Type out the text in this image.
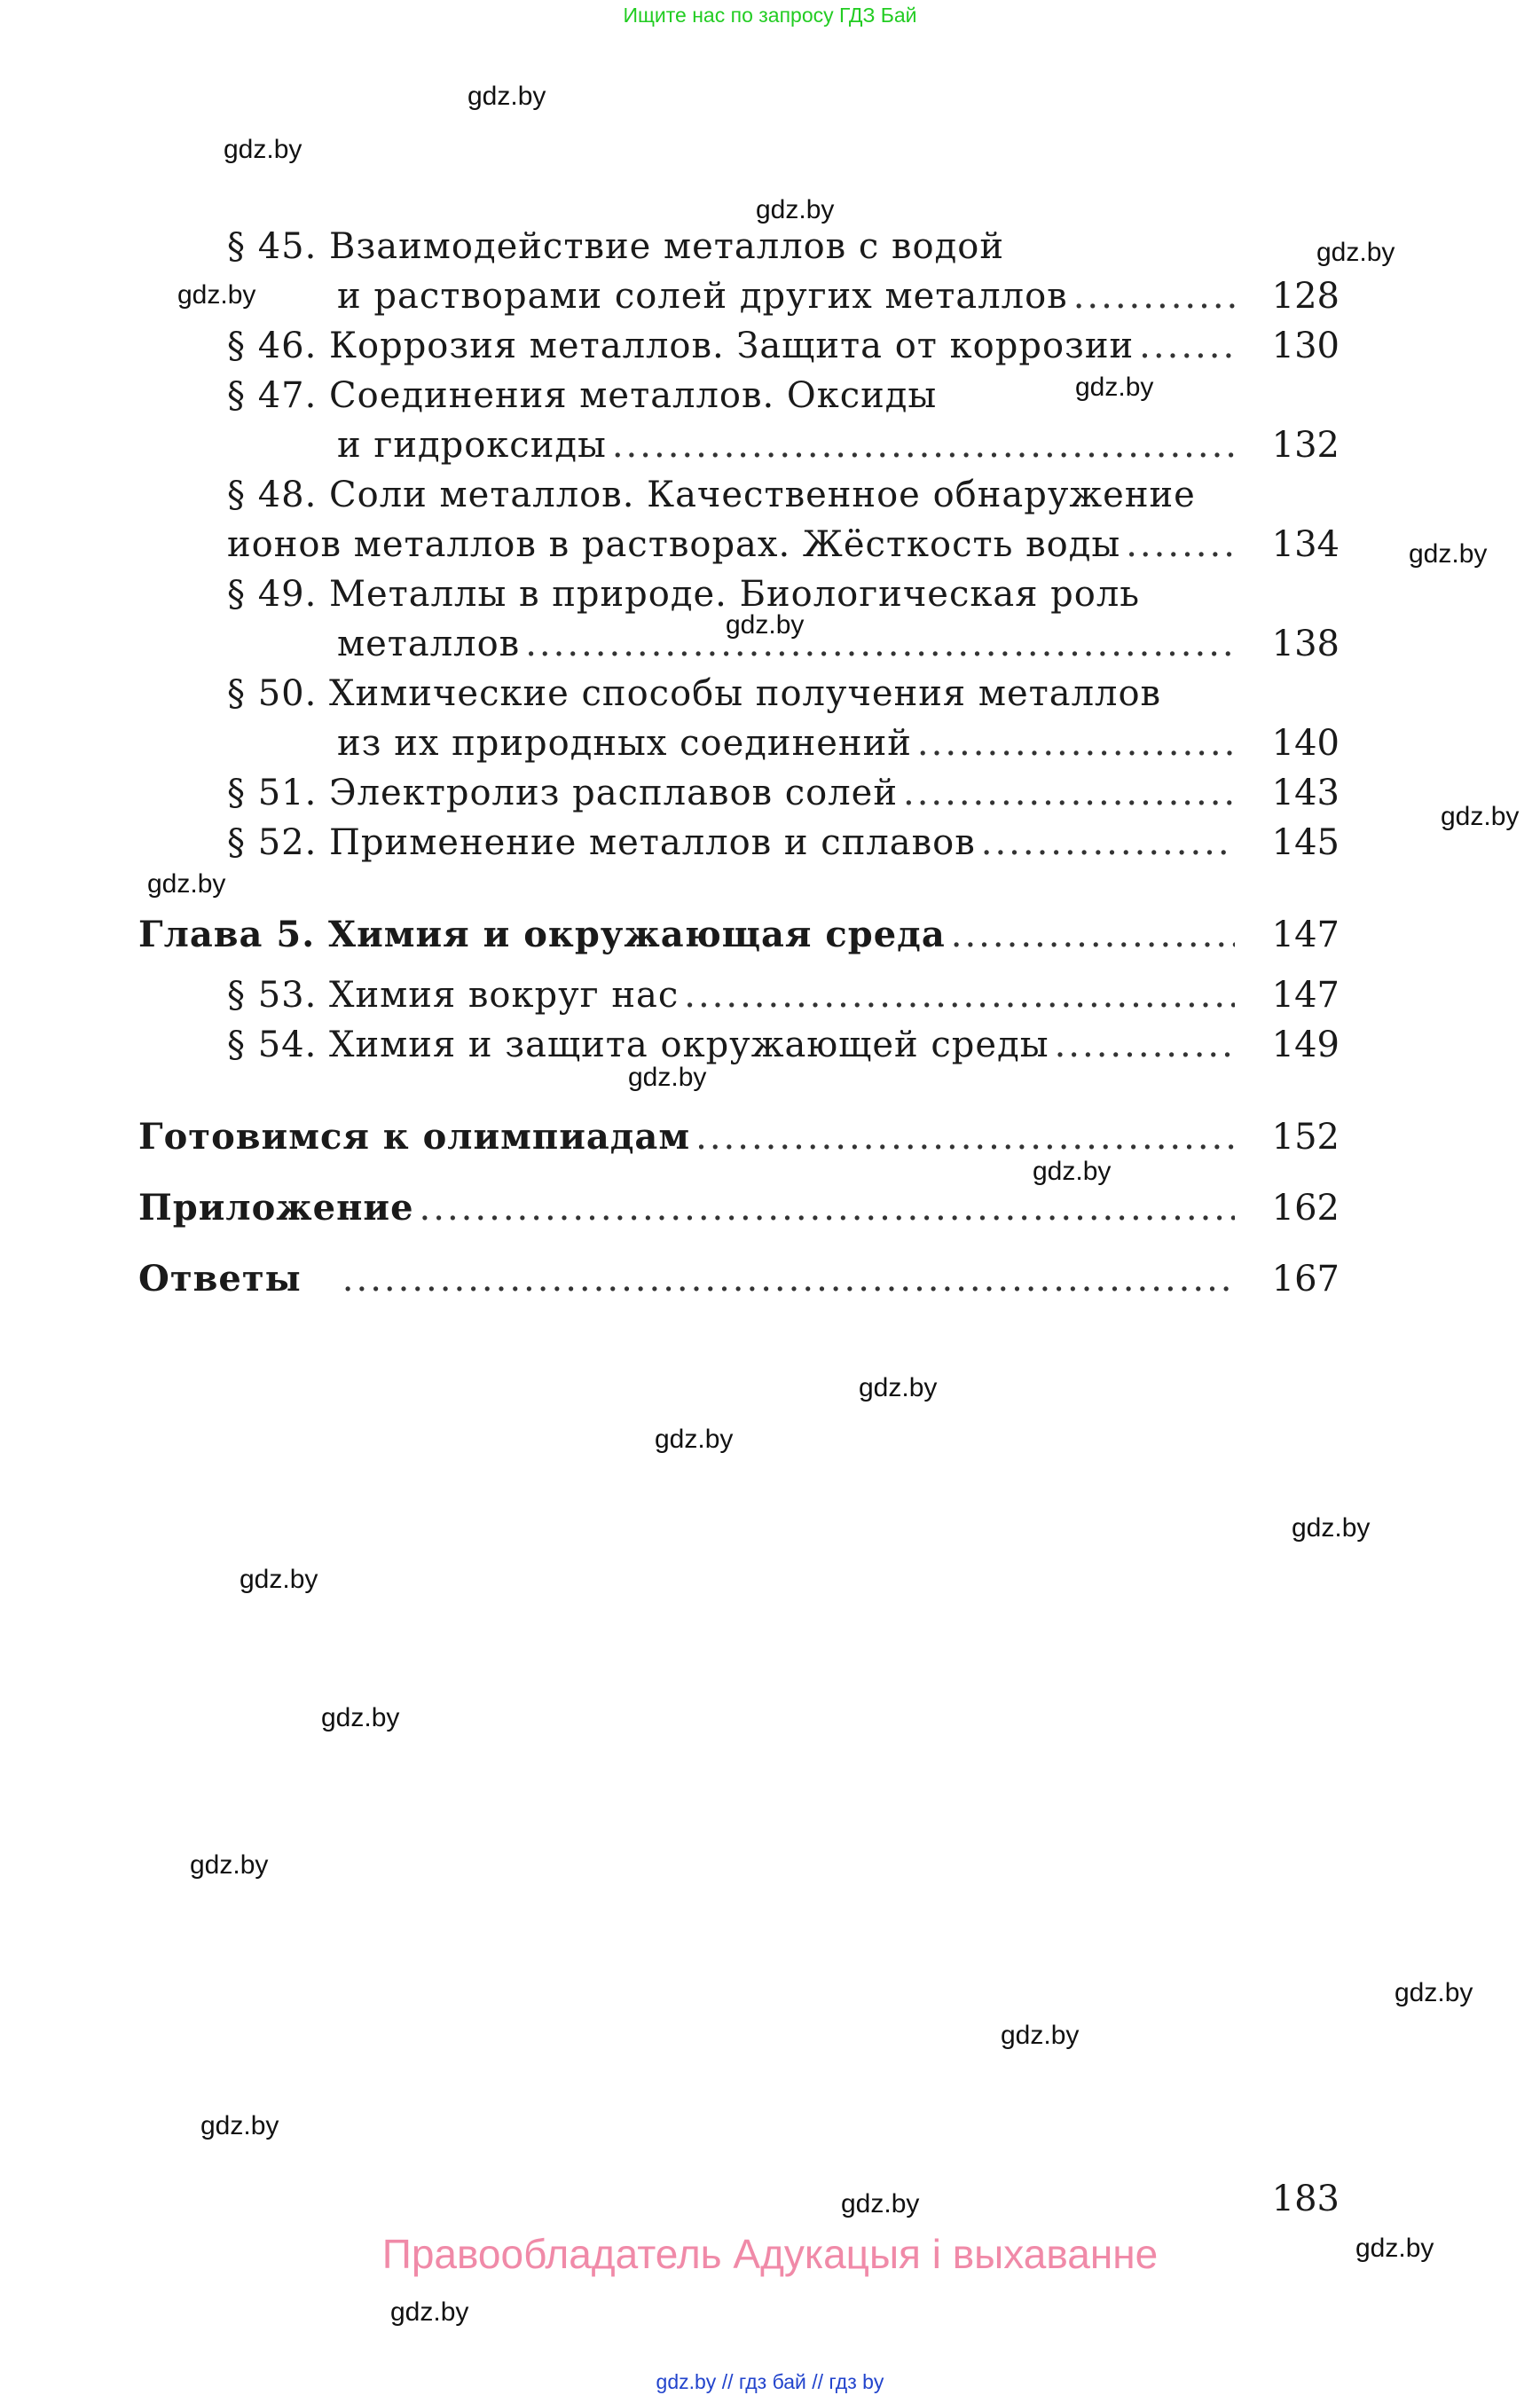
Ищите нас по запросу ГДЗ Бай
gdz.by
gdz.by
gdz.by
gdz.by
gdz.by
gdz.by
gdz.by
gdz.by
gdz.by
gdz.by
gdz.by
gdz.by
gdz.by
gdz.by
gdz.by
gdz.by
gdz.by
gdz.by
gdz.by
gdz.by
gdz.by
gdz.by
gdz.by
gdz.by
§ 45. Взаимодействие металлов с водой
и растворами солей других металлов .....	128
§ 46. Коррозия металлов. Защита от коррозии .....	130
§ 47. Соединения металлов. Оксиды
и гидроксиды .....	132
§ 48. Соли металлов. Качественное обнаружение
ионов металлов в растворах. Жёсткость воды .....	134
§ 49. Металлы в природе. Биологическая роль
металлов .....	138
§ 50. Химические способы получения металлов
из их природных соединений .....	140
§ 51. Электролиз расплавов солей .....	143
§ 52. Применение металлов и сплавов .....	145
Глава 5. Химия и окружающая среда .....	147
§ 53. Химия вокруг нас .....	147
§ 54. Химия и защита окружающей среды .....	149
Готовимся к олимпиадам .....	152
Приложение .....	162
Ответы .....	167
183
Правообладатель Адукацыя і выхаванне
gdz.by // гдз бай // гдз by
